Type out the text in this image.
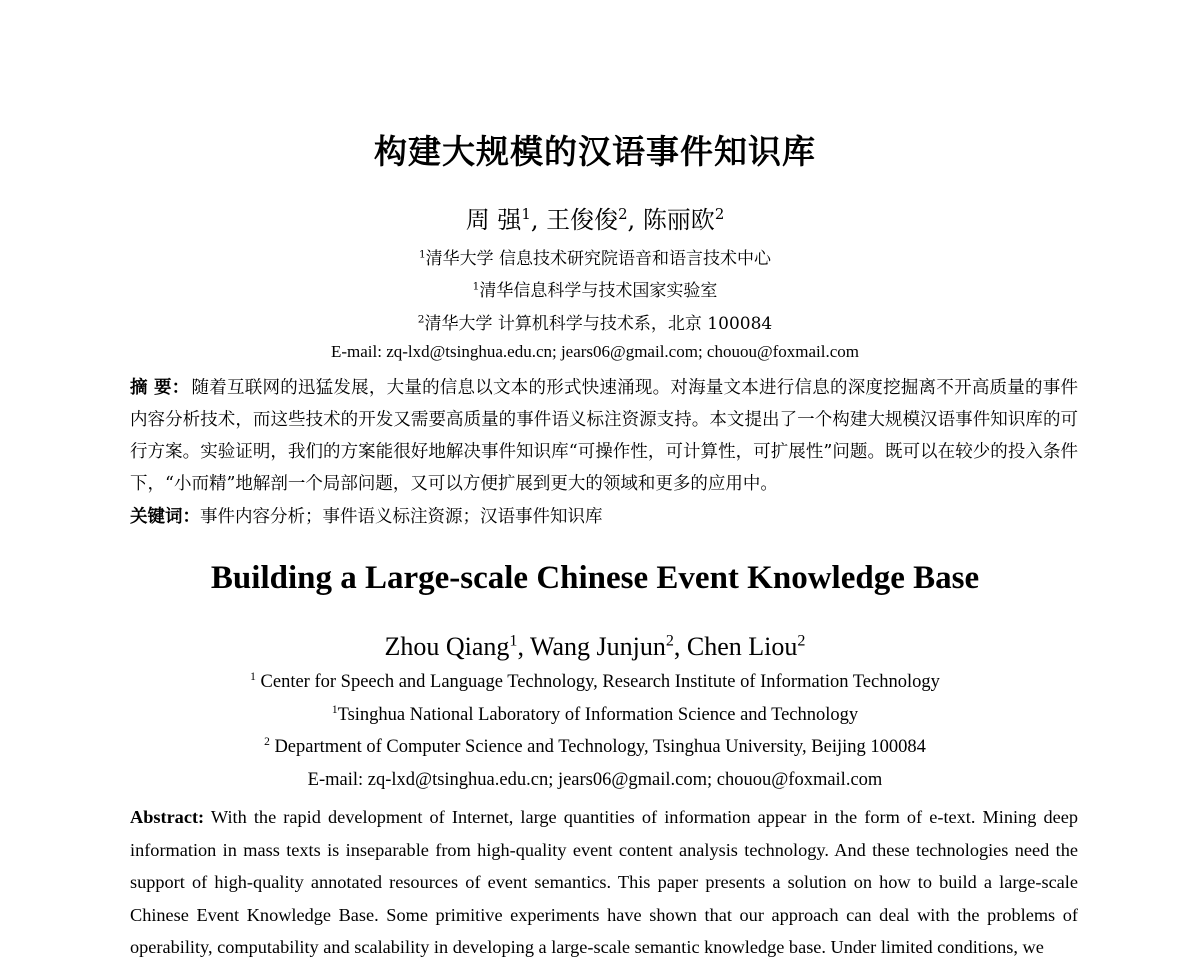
构建大规模的汉语事件知识库
周 强$^1$, 王俊俊$^2$, 陈丽欧$^2$
$^1$清华大学 信息技术研究院语音和语言技术中心
$^1$清华信息科学与技术国家实验室
$^2$清华大学 计算机科学与技术系，北京 100084
E-mail: zq-lxd@tsinghua.edu.cn; jears06@gmail.com; chouou@foxmail.com
摘 要： 随着互联网的迅猛发展，大量的信息以文本的形式快速涌现。对海量文本进行信息的深度挖掘离不开高质量的事件内容分析技术，而这些技术的开发又需要高质量的事件语义标注资源支持。本文提出了一个构建大规模汉语事件知识库的可行方案。实验证明，我们的方案能很好地解决事件知识库“可操作性，可计算性，可扩展性”问题。既可以在较少的投入条件下，“小而精”地解剖一个局部问题，又可以方便扩展到更大的领域和更多的应用中。
关键词：事件内容分析；事件语义标注资源；汉语事件知识库
Building a Large-scale Chinese Event Knowledge Base
Zhou Qiang$^1$, Wang Junjun$^2$, Chen Liou$^2$
$^1$ Center for Speech and Language Technology, Research Institute of Information Technology
$^1$Tsinghua National Laboratory of Information Science and Technology
$^2$ Department of Computer Science and Technology, Tsinghua University, Beijing 100084
E-mail: zq-lxd@tsinghua.edu.cn; jears06@gmail.com; chouou@foxmail.com
Abstract: With the rapid development of Internet, large quantities of information appear in the form of e-text. Mining deep information in mass texts is inseparable from high-quality event content analysis technology. And these technologies need the support of high-quality annotated resources of event semantics. This paper presents a solution on how to build a large-scale Chinese Event Knowledge Base. Some primitive experiments have shown that our approach can deal with the problems of operability, computability and scalability in developing a large-scale semantic knowledge base. Under limited conditions, we
